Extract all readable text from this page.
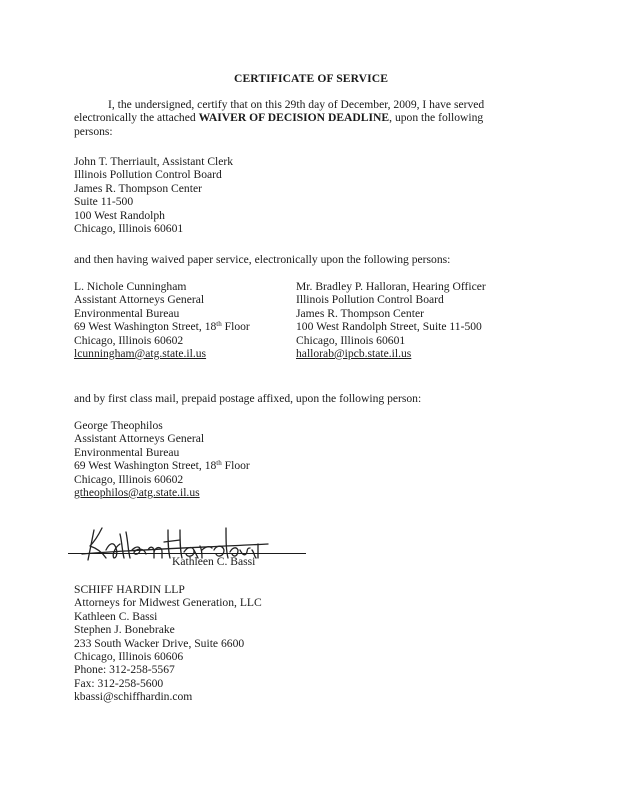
CERTIFICATE OF SERVICE
I, the undersigned, certify that on this 29th day of December, 2009, I have served
electronically the attached WAIVER OF DECISION DEADLINE, upon the following
persons:
John T. Therriault, Assistant Clerk
Illinois Pollution Control Board
James R. Thompson Center
Suite 11-500
100 West Randolph
Chicago, Illinois 60601
and then having waived paper service, electronically upon the following persons:
L. Nichole Cunningham
Assistant Attorneys General
Environmental Bureau
69 West Washington Street, 18th Floor
Chicago, Illinois 60602
lcunningham@atg.state.il.us
Mr. Bradley P. Halloran, Hearing Officer
Illinois Pollution Control Board
James R. Thompson Center
100 West Randolph Street, Suite 11-500
Chicago, Illinois 60601
hallorab@ipcb.state.il.us
and by first class mail, prepaid postage affixed, upon the following person:
George Theophilos
Assistant Attorneys General
Environmental Bureau
69 West Washington Street, 18th Floor
Chicago, Illinois 60602
gtheophilos@atg.state.il.us
Kathleen C. Bassi
Kathleen C. Bassi
SCHIFF HARDIN LLP
Attorneys for Midwest Generation, LLC
Kathleen C. Bassi
Stephen J. Bonebrake
233 South Wacker Drive, Suite 6600
Chicago, Illinois 60606
Phone: 312-258-5567
Fax: 312-258-5600
kbassi@schiffhardin.com
